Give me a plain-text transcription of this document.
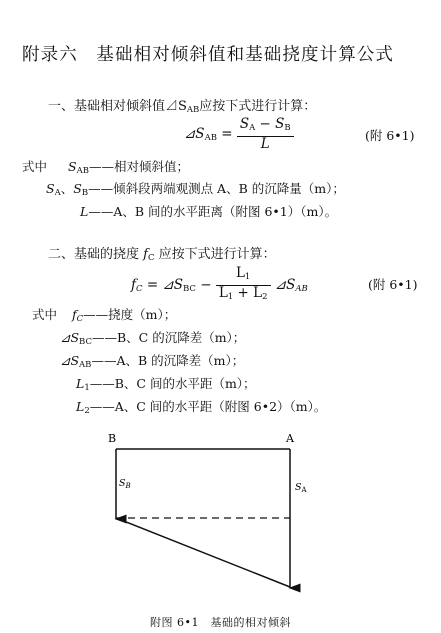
附录六　基础相对倾斜值和基础挠度计算公式
一、基础相对倾斜值$⊿S_{AB}$应按下式进行计算：
$⊿S_{AB} = \frac{S_A - S_B}{L}$	(附 6•1)
式中 $S_{AB}——$相对倾斜值；
$S_A$、$S_B——$倾斜段两端观测点 A、B 的沉降量（m）；
L——A、B 间的水平距离（附图 6•1）（m）。
二、基础的挠度 $f_C$ 应按下式进行计算：
fC = $⊿S_{BC} - \frac{L_1}{L_1 + L_2}$ ⊿SAB	(附 6•1)
式中 fC——挠度（m）；
$⊿S_{BC}——B$、C 的沉降差（m）；
$⊿S_{AB}——A$、B 的沉降差（m）；
$L_1——B$、C 间的水平距（m）；
$L_2——A$、C 间的水平距（附图 6•2）（m）。
B	A
$S_B$	$S_A$
附图 6•1　基础的相对倾斜
